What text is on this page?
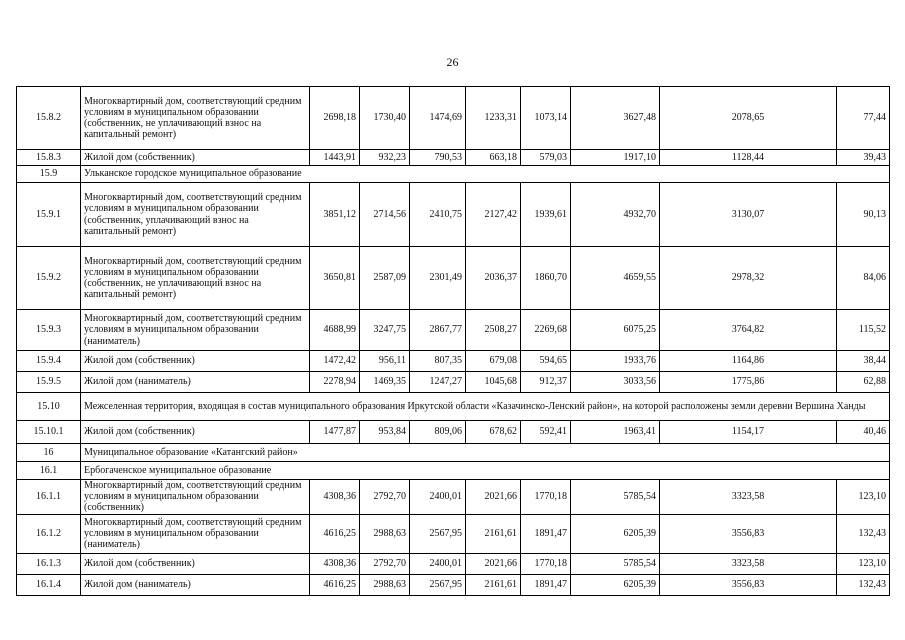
26
15.8.2	Многоквартирный дом, соответствующий средним условиям в муниципальном образовании (собственник, не уплачивающий взнос на капитальный ремонт)	2698,18	1730,40	1474,69	1233,31	1073,14	3627,48	2078,65	77,44
15.8.3	Жилой дом (собственник)	1443,91	932,23	790,53	663,18	579,03	1917,10	1128,44	39,43
15.9	Ульканское городское муниципальное образование								
15.9.1	Многоквартирный дом, соответствующий средним условиям в муниципальном образовании (собственник, уплачивающий взнос на капитальный ремонт)	3851,12	2714,56	2410,75	2127,42	1939,61	4932,70	3130,07	90,13
15.9.2	Многоквартирный дом, соответствующий средним условиям в муниципальном образовании (собственник, не уплачивающий взнос на капитальный ремонт)	3650,81	2587,09	2301,49	2036,37	1860,70	4659,55	2978,32	84,06
15.9.3	Многоквартирный дом, соответствующий средним условиям в муниципальном образовании (наниматель)	4688,99	3247,75	2867,77	2508,27	2269,68	6075,25	3764,82	115,52
15.9.4	Жилой дом (собственник)	1472,42	956,11	807,35	679,08	594,65	1933,76	1164,86	38,44
15.9.5	Жилой дом (наниматель)	2278,94	1469,35	1247,27	1045,68	912,37	3033,56	1775,86	62,88
15.10	Межселенная территория, входящая в состав муниципального образования Иркутской области «Казачинско-Ленский район», на которой расположены земли деревни Вершина Ханды								
15.10.1	Жилой дом (собственник)	1477,87	953,84	809,06	678,62	592,41	1963,41	1154,17	40,46
16	Муниципальное образование «Катангский район»								
16.1	Ербогаченское муниципальное образование								
16.1.1	Многоквартирный дом, соответствующий средним условиям в муниципальном образовании (собственник)	4308,36	2792,70	2400,01	2021,66	1770,18	5785,54	3323,58	123,10
16.1.2	Многоквартирный дом, соответствующий средним условиям в муниципальном образовании (наниматель)	4616,25	2988,63	2567,95	2161,61	1891,47	6205,39	3556,83	132,43
16.1.3	Жилой дом (собственник)	4308,36	2792,70	2400,01	2021,66	1770,18	5785,54	3323,58	123,10
16.1.4	Жилой дом (наниматель)	4616,25	2988,63	2567,95	2161,61	1891,47	6205,39	3556,83	132,43
